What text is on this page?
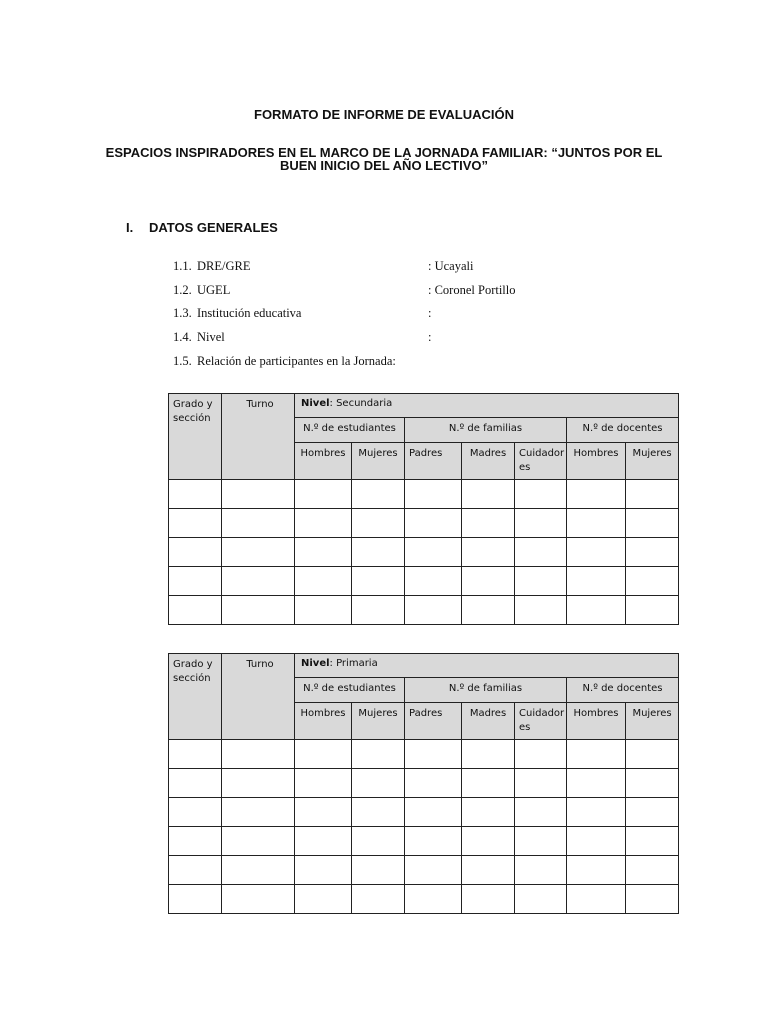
FORMATO DE INFORME DE EVALUACIÓN
ESPACIOS INSPIRADORES EN EL MARCO DE LA JORNADA FAMILIAR: “JUNTOS POR EL
BUEN INICIO DEL AÑO LECTIVO”
I. DATOS GENERALES
1.1. DRE/GRE	: Ucayali
1.2. UGEL	: Coronel Portillo
1.3. Institución educativa	:
1.4. Nivel	:
1.5. Relación de participantes en la Jornada:
Grado y sección	Turno	Nivel: Secundaria						
		N.º de estudiantes		N.º de familias			N.º de docentes	
		Hombres	Mujeres	Padres	Madres	Cuidadores	Hombres	Mujeres

Grado y sección	Turno	Nivel: Primaria						
		N.º de estudiantes		N.º de familias			N.º de docentes	
		Hombres	Mujeres	Padres	Madres	Cuidadores	Hombres	Mujeres
